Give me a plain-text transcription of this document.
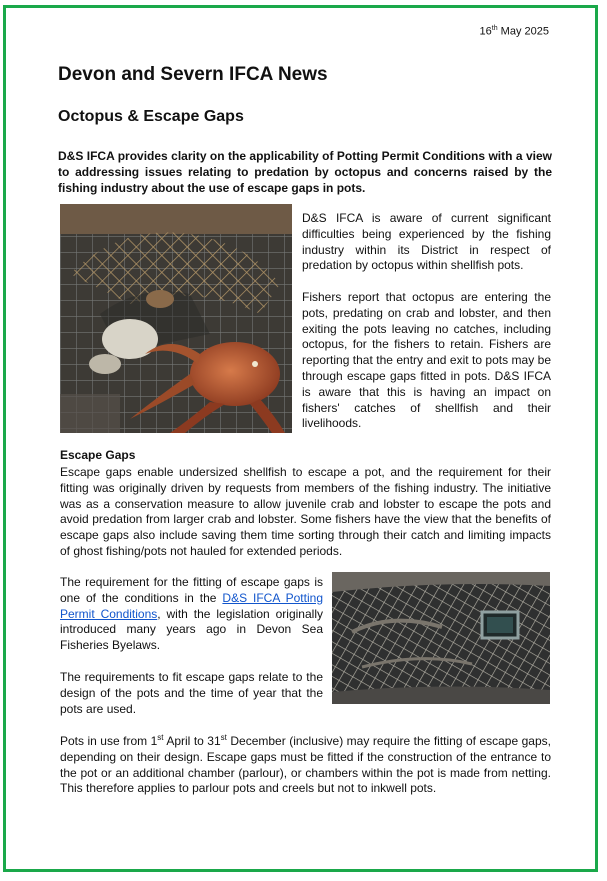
16th May 2025
Devon and Severn IFCA News
Octopus & Escape Gaps

D&S IFCA provides clarity on the applicability of Potting Permit Conditions with a view to addressing issues relating to predation by octopus and concerns raised by the fishing industry about the use of escape gaps in pots.

D&S IFCA is aware of current significant difficulties being experienced by the fishing industry within its District in respect of predation by octopus within shellfish pots.

Fishers report that octopus are entering the pots, predating on crab and lobster, and then exiting the pots leaving no catches, including octopus, for the fishers to retain. Fishers are reporting that the entry and exit to pots may be through escape gaps fitted in pots. D&S IFCA is aware that this is having an impact on fishers' catches of shellfish and their livelihoods.

Escape Gaps

Escape gaps enable undersized shellfish to escape a pot, and the requirement for their fitting was originally driven by requests from members of the fishing industry. The initiative was as a conservation measure to allow juvenile crab and lobster to escape the pots and avoid predation from larger crab and lobster. Some fishers have the view that the benefits of escape gaps also include saving them time sorting through their catch and limiting impacts of ghost fishing/pots not hauled for extended periods.

The requirement for the fitting of escape gaps is one of the conditions in the D&S IFCA Potting Permit Conditions, with the legislation originally introduced many years ago in Devon Sea Fisheries Byelaws.

The requirements to fit escape gaps relate to the design of the pots and the time of year that the pots are used.

Pots in use from 1st April to 31st December (inclusive) may require the fitting of escape gaps, depending on their design. Escape gaps must be fitted if the construction of the entrance to the pot or an additional chamber (parlour), or chambers within the pot is made from netting. This therefore applies to parlour pots and creels but not to inkwell pots.
